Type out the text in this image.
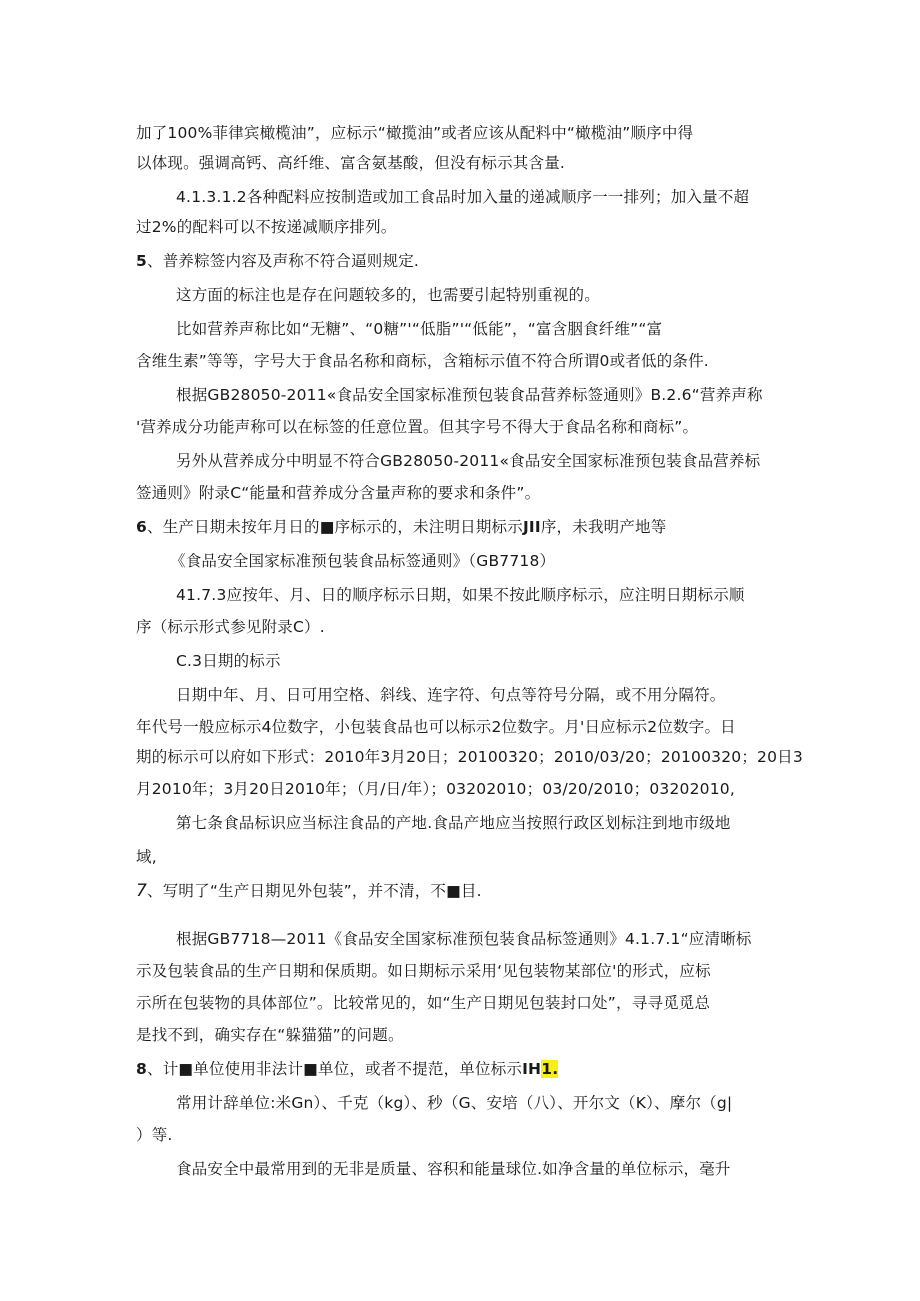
加了100%菲律宾橄榄油”，应标示“橄揽油”或者应该从配料中“橄榄油”顺序中得
以体现。强调高钙、高纤维、富含氨基酸，但没有标示其含量.
4.1.3.1.2各种配料应按制造或加工食品时加入量的递减顺序一一排列；加入量不超
过2%的配料可以不按递减顺序排列。
5、普养粽签内容及声称不符合逼则规定.
这方面的标注也是存在问题较多的，也需要引起特别重视的。
比如营养声称比如“无糖”、“0糖”'“低脂”'“低能”，“富含胭食纤维”“富
含维生素”等等，字号大于食品名称和商标，含箱标示值不符合所谓0或者低的条件.
根据GB28050-2011«食品安全国家标准预包装食品营养标签通则》B.2.6“营养声称
'营养成分功能声称可以在标签的任意位置。但其字号不得大于食品名称和商标”。
另外从营养成分中明显不符合GB28050-2011«食品安全国家标准预包装食品营养标
签通则》附录C“能量和营养成分含量声称的要求和条件”。
6、生产日期未按年月日的■序标示的，未注明日期标示JII序，未我明产地等
《食品安全国家标准预包装食品标签通则》（GB7718）
41.7.3应按年、月、日的顺序标示日期，如果不按此顺序标示，应注明日期标示顺
序（标示形式参见附录C）.
C.3日期的标示
日期中年、月、日可用空格、斜线、连字符、句点等符号分隔，或不用分隔符。
年代号一般应标示4位数字，小包装食品也可以标示2位数字。月'日应标示2位数字。日
期的标示可以府如下形式：2010年3月20日；20100320；2010/03/20；20100320；20日3
月2010年；3月20日2010年；（月/日/年）；03202010；03/20/2010；03202010,
第七条食品标识应当标注食品的产地.食品产地应当按照行政区划标注到地市级地
域,
7、写明了“生产日期见外包装”，并不清，不■目.
根据GB7718—2011《食品安全国家标准预包装食品标签通则》4.1.7.1“应清晰标
示及包装食品的生产日期和保质期。如日期标示采用‘见包装物某部位'的形式，应标
示所在包装物的具体部位”。比较常见的，如“生产日期见包装封口处”，寻寻觅觅总
是找不到，确实存在“躲猫猫”的问题。
8、计■单位使用非法计■单位，或者不提范，单位标示IH1.
常用计辞单位:米Gn）、千克（kg）、秒（G、安培（八）、开尔文（K）、摩尔（g|
）等.
食品安全中最常用到的无非是质量、容积和能量球位.如净含量的单位标示，毫升
